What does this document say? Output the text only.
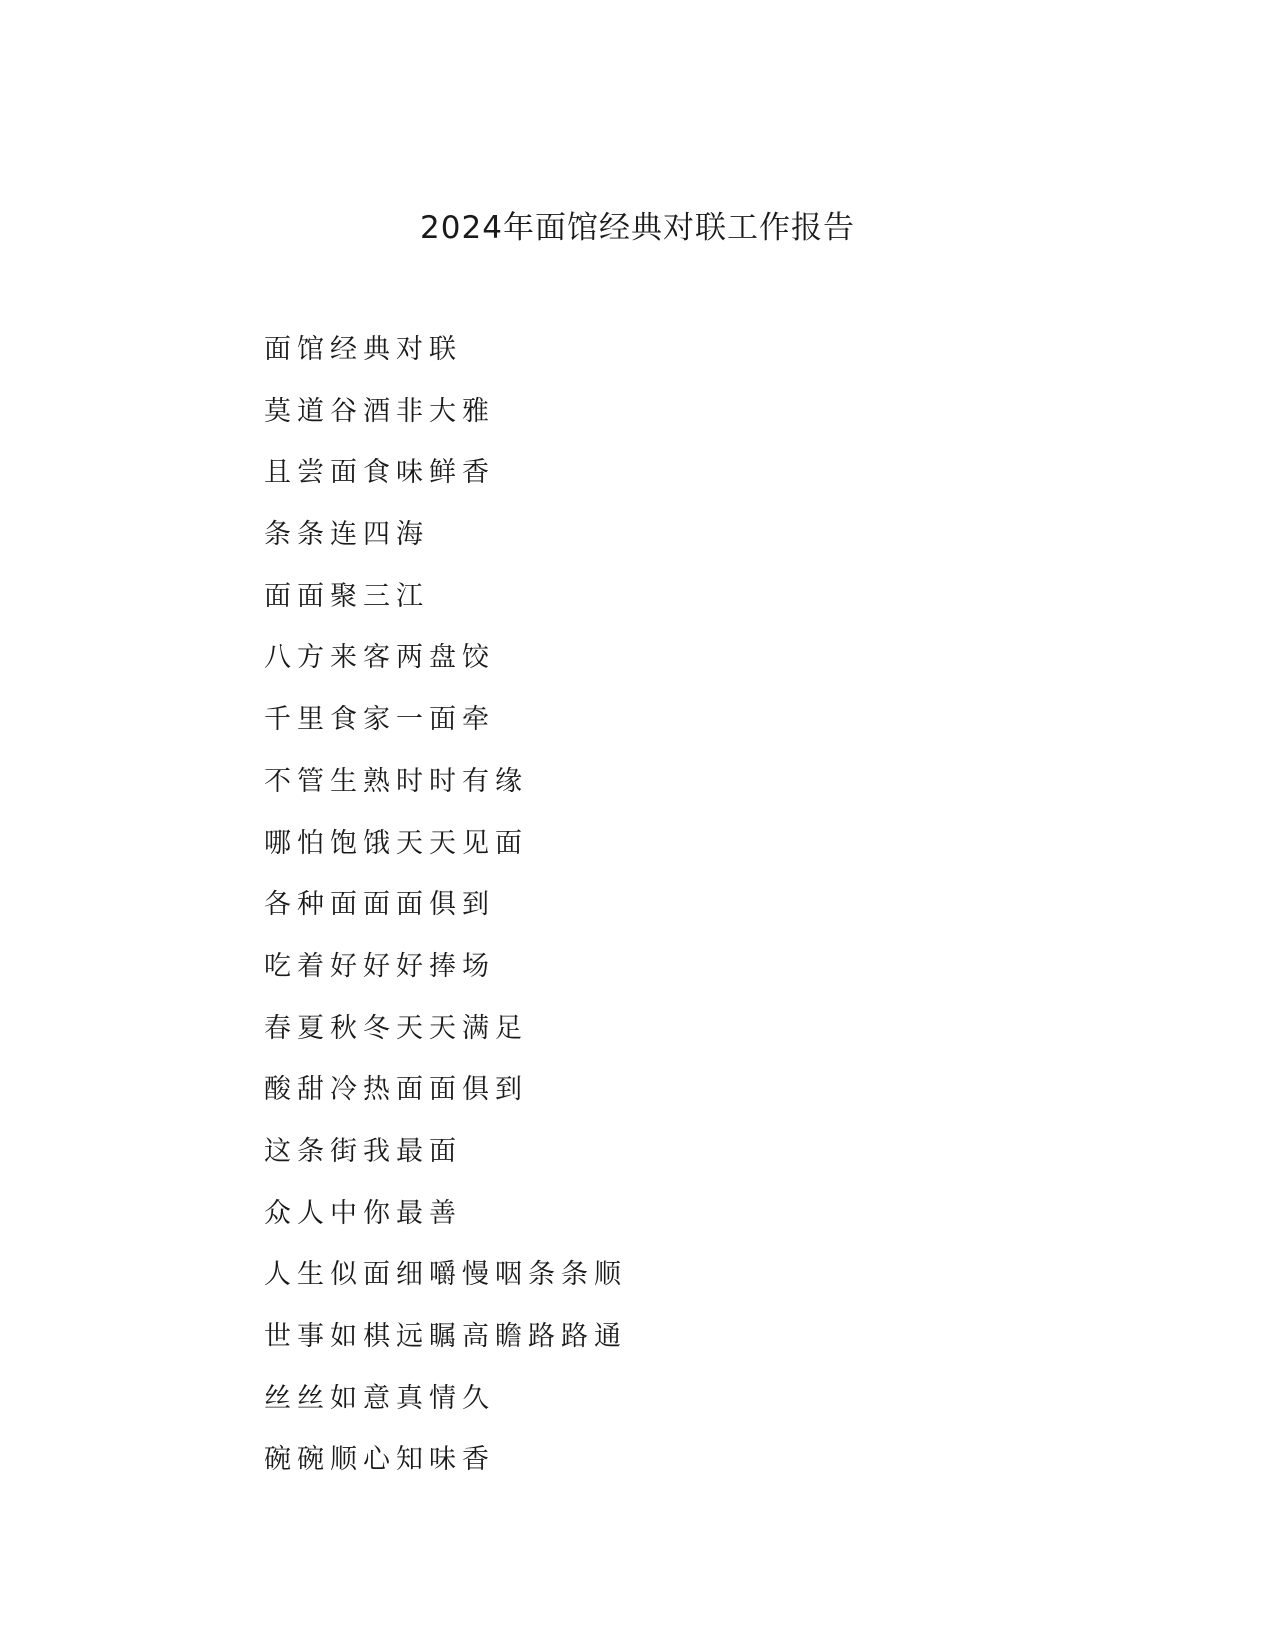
2024年面馆经典对联工作报告
面馆经典对联
莫道谷酒非大雅
且尝面食味鲜香
条条连四海
面面聚三江
八方来客两盘饺
千里食家一面牵
不管生熟时时有缘
哪怕饱饿天天见面
各种面面面俱到
吃着好好好捧场
春夏秋冬天天满足
酸甜冷热面面俱到
这条街我最面
众人中你最善
人生似面细嚼慢咽条条顺
世事如棋远瞩高瞻路路通
丝丝如意真情久
碗碗顺心知味香
